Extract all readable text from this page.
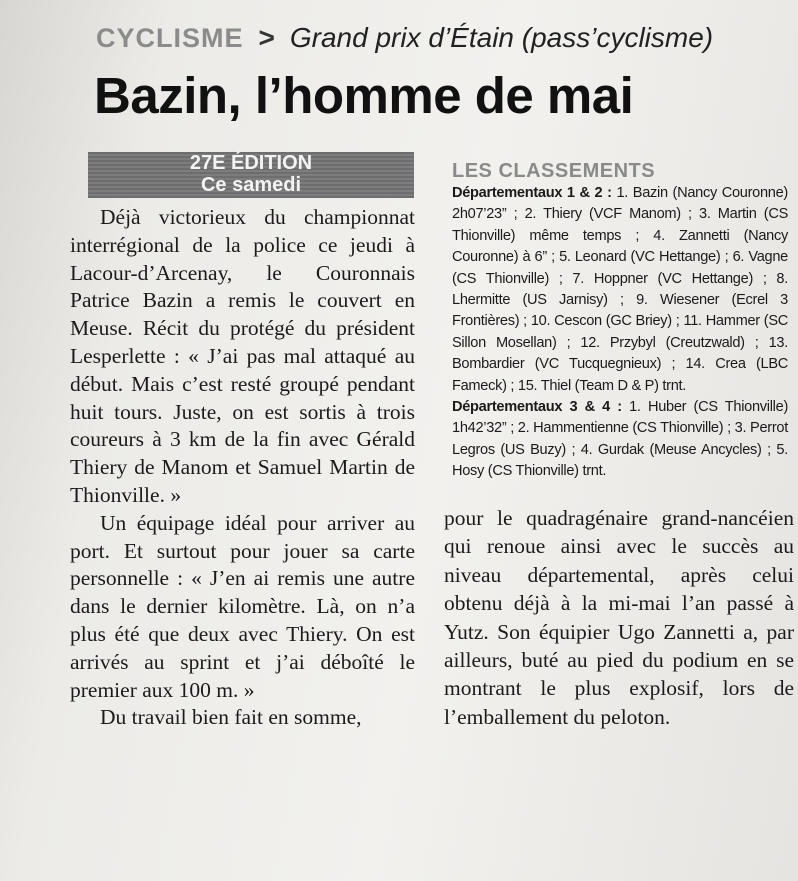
CYCLISME > Grand prix d’Étain (pass’cyclisme)
Bazin, l’homme de mai
27E ÉDITION
Ce samedi

Déjà victorieux du championnat interrégional de la police ce jeudi à Lacour-d’Arcenay, le Couronnais Patrice Bazin a remis le couvert en Meuse. Récit du protégé du président Lesperlette : « J’ai pas mal attaqué au début. Mais c’est resté groupé pendant huit tours. Juste, on est sortis à trois coureurs à 3 km de la fin avec Gérald Thiery de Manom et Samuel Martin de Thionville. »

Un équipage idéal pour arriver au port. Et surtout pour jouer sa carte personnelle : « J’en ai remis une autre dans le dernier kilomètre. Là, on n’a plus été que deux avec Thiery. On est arrivés au sprint et j’ai déboîté le premier aux 100 m. »

Du travail bien fait en somme,

LES CLASSEMENTS

Départementaux 1 & 2 : 1. Bazin (Nancy Couronne) 2h07’23” ; 2. Thiery (VCF Manom) ; 3. Martin (CS Thionville) même temps ; 4. Zannetti (Nancy Couronne) à 6” ; 5. Leonard (VC Hettange) ; 6. Vagne (CS Thionville) ; 7. Hoppner (VC Hettange) ; 8. Lhermitte (US Jarnisy) ; 9. Wiesener (Ecrel 3 Frontières) ; 10. Cescon (GC Briey) ; 11. Hammer (SC Sillon Mosellan) ; 12. Przybyl (Creutzwald) ; 13. Bombardier (VC Tucquegnieux) ; 14. Crea (LBC Fameck) ; 15. Thiel (Team D & P) trnt.

Départementaux 3 & 4 : 1. Huber (CS Thionville) 1h42’32” ; 2. Hammentienne (CS Thionville) ; 3. Perrot Legros (US Buzy) ; 4. Gurdak (Meuse Ancycles) ; 5. Hosy (CS Thionville) trnt.

pour le quadragénaire grand-nancéien qui renoue ainsi avec le succès au niveau départemental, après celui obtenu déjà à la mi-mai l’an passé à Yutz. Son équipier Ugo Zannetti a, par ailleurs, buté au pied du podium en se montrant le plus explosif, lors de l’emballement du peloton.
